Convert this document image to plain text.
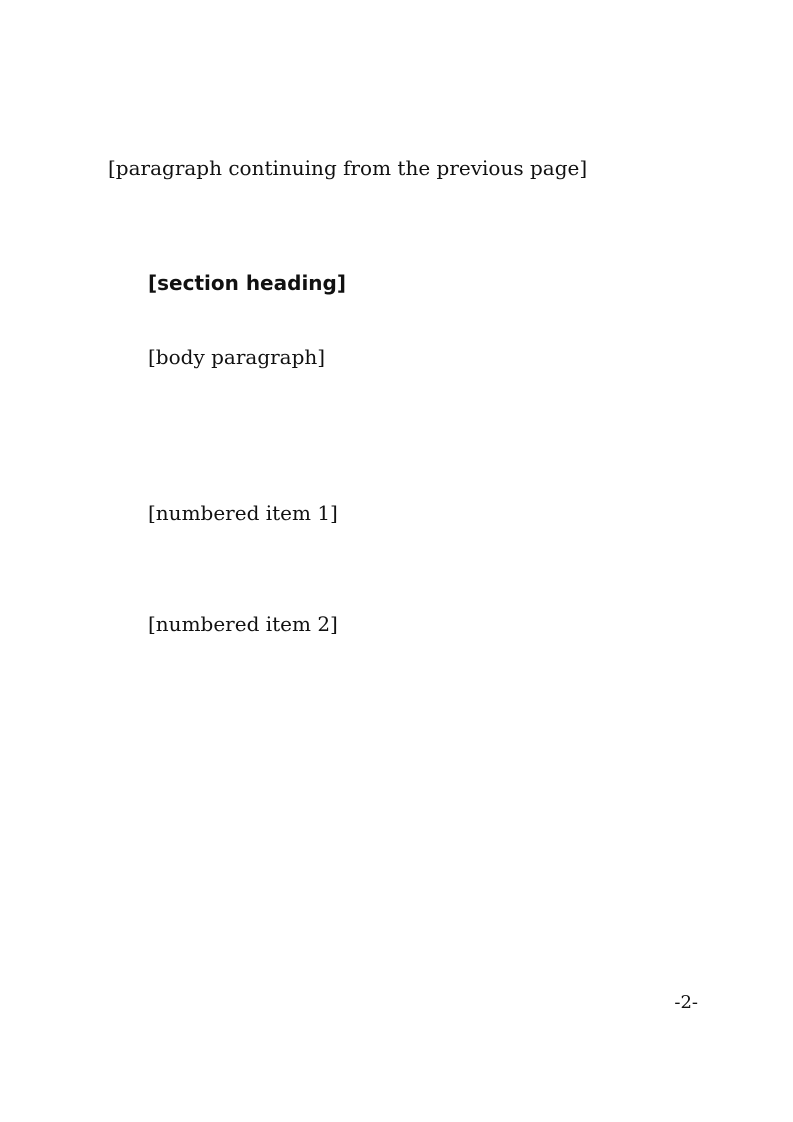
[paragraph continuing from the previous page]
[section heading]
[body paragraph]
[numbered item 1]
[numbered item 2]
-2-
